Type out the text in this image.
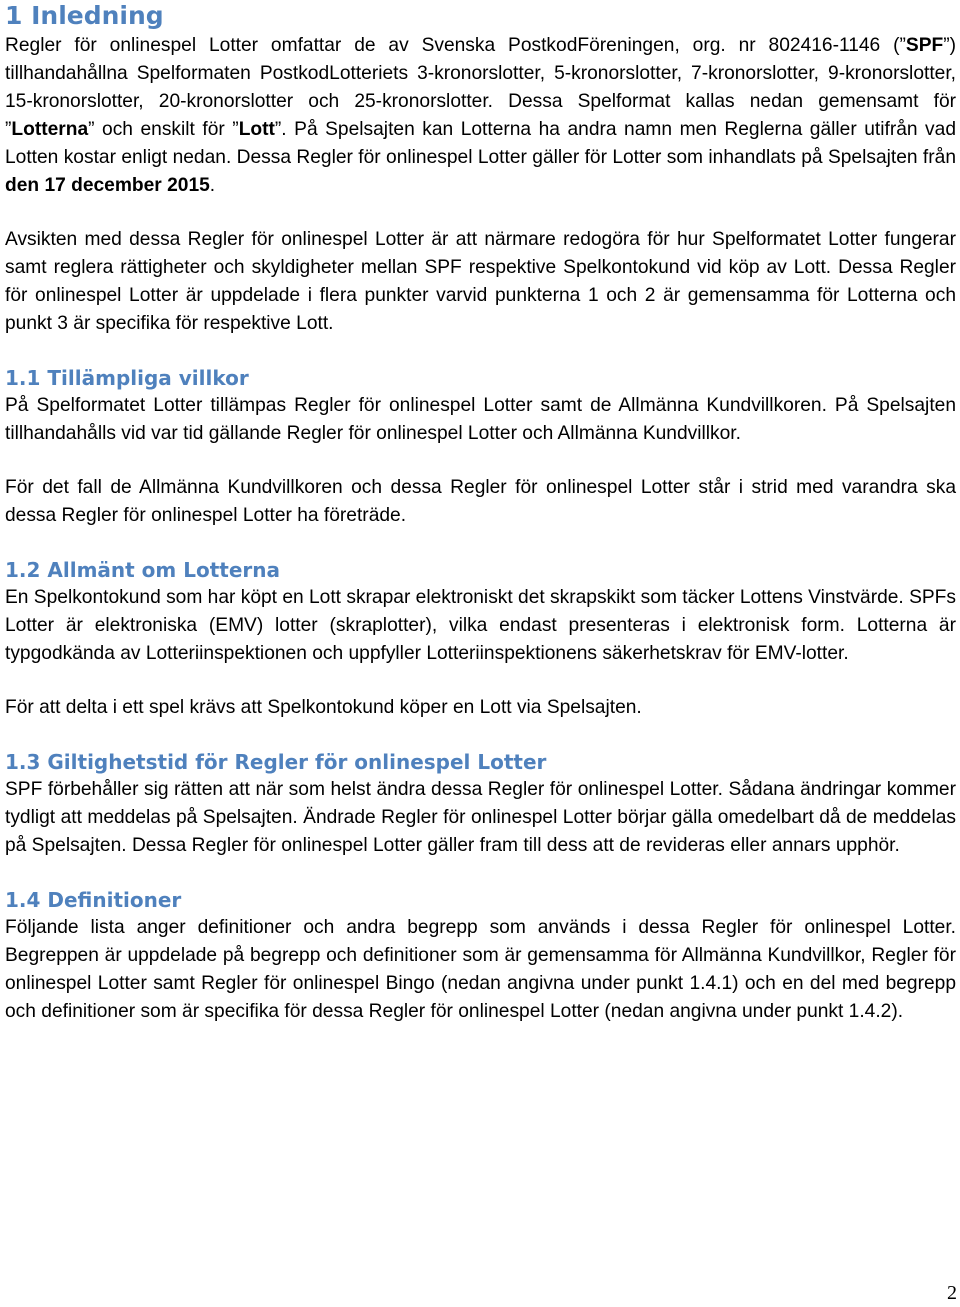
1 Inledning

Regler för onlinespel Lotter omfattar de av Svenska PostkodFöreningen, org. nr 802416-1146 (”SPF”) tillhandahållna Spelformaten PostkodLotteriets 3-kronorslotter, 5-kronorslotter, 7-kronorslotter, 9-kronorslotter, 15-kronorslotter, 20-kronorslotter och 25-kronorslotter. Dessa Spelformat kallas nedan gemensamt för ”Lotterna” och enskilt för ”Lott”. På Spelsajten kan Lotterna ha andra namn men Reglerna gäller utifrån vad Lotten kostar enligt nedan. Dessa Regler för onlinespel Lotter gäller för Lotter som inhandlats på Spelsajten från den 17 december 2015.

Avsikten med dessa Regler för onlinespel Lotter är att närmare redogöra för hur Spelformatet Lotter fungerar samt reglera rättigheter och skyldigheter mellan SPF respektive Spelkontokund vid köp av Lott. Dessa Regler för onlinespel Lotter är uppdelade i flera punkter varvid punkterna 1 och 2 är gemensamma för Lotterna och punkt 3 är specifika för respektive Lott.

1.1 Tillämpliga villkor

På Spelformatet Lotter tillämpas Regler för onlinespel Lotter samt de Allmänna Kundvillkoren. På Spelsajten tillhandahålls vid var tid gällande Regler för onlinespel Lotter och Allmänna Kundvillkor.

För det fall de Allmänna Kundvillkoren och dessa Regler för onlinespel Lotter står i strid med varandra ska dessa Regler för onlinespel Lotter ha företräde.

1.2 Allmänt om Lotterna

En Spelkontokund som har köpt en Lott skrapar elektroniskt det skrapskikt som täcker Lottens Vinstvärde. SPFs Lotter är elektroniska (EMV) lotter (skraplotter), vilka endast presenteras i elektronisk form. Lotterna är typgodkända av Lotteriinspektionen och uppfyller Lotteriinspektionens säkerhetskrav för EMV-lotter.

För att delta i ett spel krävs att Spelkontokund köper en Lott via Spelsajten.

1.3 Giltighetstid för Regler för onlinespel Lotter

SPF förbehåller sig rätten att när som helst ändra dessa Regler för onlinespel Lotter. Sådana ändringar kommer tydligt att meddelas på Spelsajten. Ändrade Regler för onlinespel Lotter börjar gälla omedelbart då de meddelas på Spelsajten. Dessa Regler för onlinespel Lotter gäller fram till dess att de revideras eller annars upphör.

1.4 Definitioner

Följande lista anger definitioner och andra begrepp som används i dessa Regler för onlinespel Lotter. Begreppen är uppdelade på begrepp och definitioner som är gemensamma för Allmänna Kundvillkor, Regler för onlinespel Lotter samt Regler för onlinespel Bingo (nedan angivna under punkt 1.4.1) och en del med begrepp och definitioner som är specifika för dessa Regler för onlinespel Lotter (nedan angivna under punkt 1.4.2).

2
